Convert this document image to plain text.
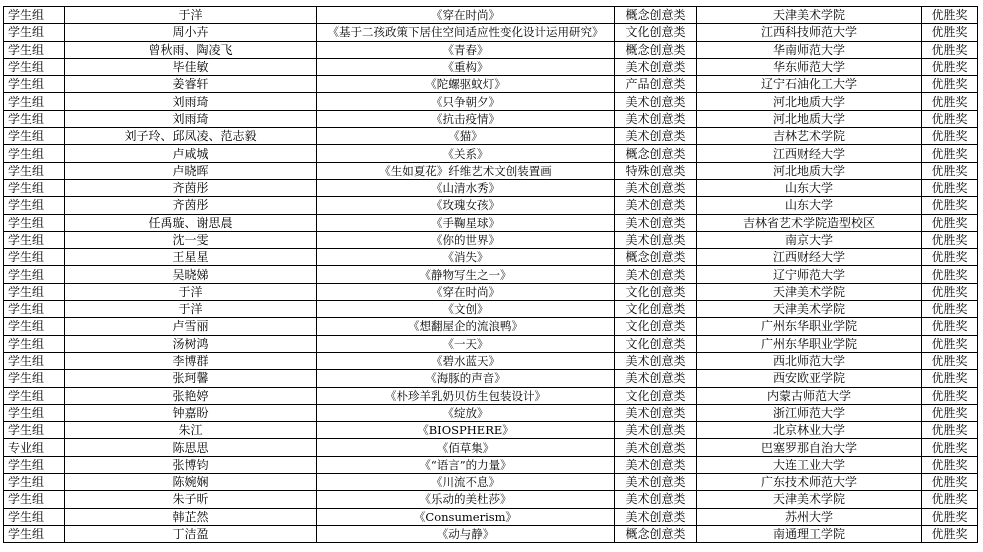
学生组	于洋	《穿在时尚》	概念创意类	天津美术学院	优胜奖
学生组	周小卉	《基于二孩政策下居住空间适应性变化设计运用研究》	文化创意类	江西科技师范大学	优胜奖
学生组	曾秋雨、陶凌飞	《青春》	概念创意类	华南师范大学	优胜奖
学生组	毕佳敏	《重构》	美术创意类	华东师范大学	优胜奖
学生组	姜睿轩	《陀螺驱蚊灯》	产品创意类	辽宁石油化工大学	优胜奖
学生组	刘雨琦	《只争朝夕》	美术创意类	河北地质大学	优胜奖
学生组	刘雨琦	《抗击疫情》	美术创意类	河北地质大学	优胜奖
学生组	刘子玲、邱凤凌、范志毅	《猫》	美术创意类	吉林艺术学院	优胜奖
学生组	卢咸城	《关系》	概念创意类	江西财经大学	优胜奖
学生组	卢晓晖	《生如夏花》纤维艺术文创装置画	特殊创意类	河北地质大学	优胜奖
学生组	齐茵彤	《山清水秀》	美术创意类	山东大学	优胜奖
学生组	齐茵彤	《玫瑰女孩》	美术创意类	山东大学	优胜奖
学生组	任禹璇、谢思晨	《手鞠星球》	美术创意类	吉林省艺术学院造型校区	优胜奖
学生组	沈一雯	《你的世界》	美术创意类	南京大学	优胜奖
学生组	王星星	《消失》	概念创意类	江西财经大学	优胜奖
学生组	吴晓娣	《静物写生之一》	美术创意类	辽宁师范大学	优胜奖
学生组	于洋	《穿在时尚》	文化创意类	天津美术学院	优胜奖
学生组	于洋	《文创》	文化创意类	天津美术学院	优胜奖
学生组	卢雪丽	《想翻屋企的流浪鸭》	文化创意类	广州东华职业学院	优胜奖
学生组	汤树鸿	《一天》	文化创意类	广州东华职业学院	优胜奖
学生组	李博群	《碧水蓝天》	美术创意类	西北师范大学	优胜奖
学生组	张珂馨	《海豚的声音》	美术创意类	西安欧亚学院	优胜奖
学生组	张艳婷	《朴珍羊乳奶贝仿生包装设计》	文化创意类	内蒙古师范大学	优胜奖
学生组	钟嘉盼	《绽放》	美术创意类	浙江师范大学	优胜奖
学生组	朱江	《BIOSPHERE》	美术创意类	北京林业大学	优胜奖
专业组	陈思思	《佰草集》	美术创意类	巴塞罗那自治大学	优胜奖
学生组	张博钧	《“语言”的力量》	美术创意类	大连工业大学	优胜奖
学生组	陈婉娴	《川流不息》	美术创意类	广东技术师范大学	优胜奖
学生组	朱子昕	《乐动的美杜莎》	美术创意类	天津美术学院	优胜奖
学生组	韩芷然	《Consumerism》	美术创意类	苏州大学	优胜奖
学生组	丁洁盈	《动与静》	概念创意类	南通理工学院	优胜奖
